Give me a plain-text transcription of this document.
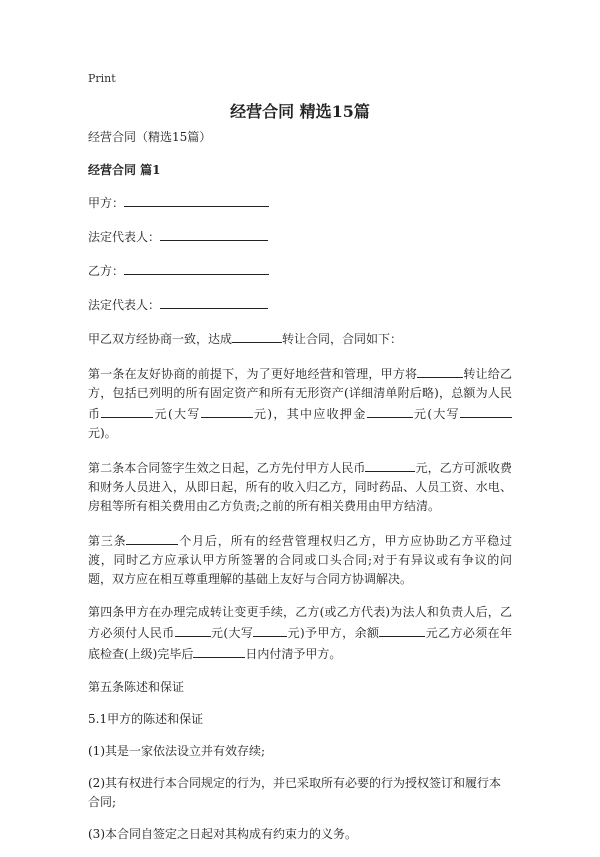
Print
经营合同 精选15篇

经营合同（精选15篇）

经营合同 篇1

甲方：

法定代表人：

乙方：

法定代表人：

甲乙双方经协商一致，达成	转让合同，合同如下：

第一条在友好协商的前提下，为了更好地经营和管理，甲方将	转让给乙方，包括已列明的所有固定资产和所有无形资产(详细清单附后略)，总额为人民币	元(大写	元)，其中应收押金	元(大写元)。

第二条本合同签字生效之日起，乙方先付甲方人民币	元，乙方可派收费和财务人员进入，从即日起，所有的收入归乙方，同时药品、人员工资、水电、房租等所有相关费用由乙方负责;之前的所有相关费用由甲方结清。

第三条	个月后，所有的经营管理权归乙方，甲方应协助乙方平稳过渡，同时乙方应承认甲方所签署的合同或口头合同;对于有异议或有争议的问题，双方应在相互尊重理解的基础上友好与合同方协调解决。

第四条甲方在办理完成转让变更手续，乙方(或乙方代表)为法人和负责人后，乙方必须付人民币	元(大写	元)予甲方，余额	元乙方必须在年底检查(上级)完毕后	日内付清予甲方。

第五条陈述和保证

5.1甲方的陈述和保证

(1)其是一家依法设立并有效存续;

(2)其有权进行本合同规定的行为，并已采取所有必要的行为授权签订和履行本合同;

(3)本合同自签定之日起对其构成有约束力的义务。
